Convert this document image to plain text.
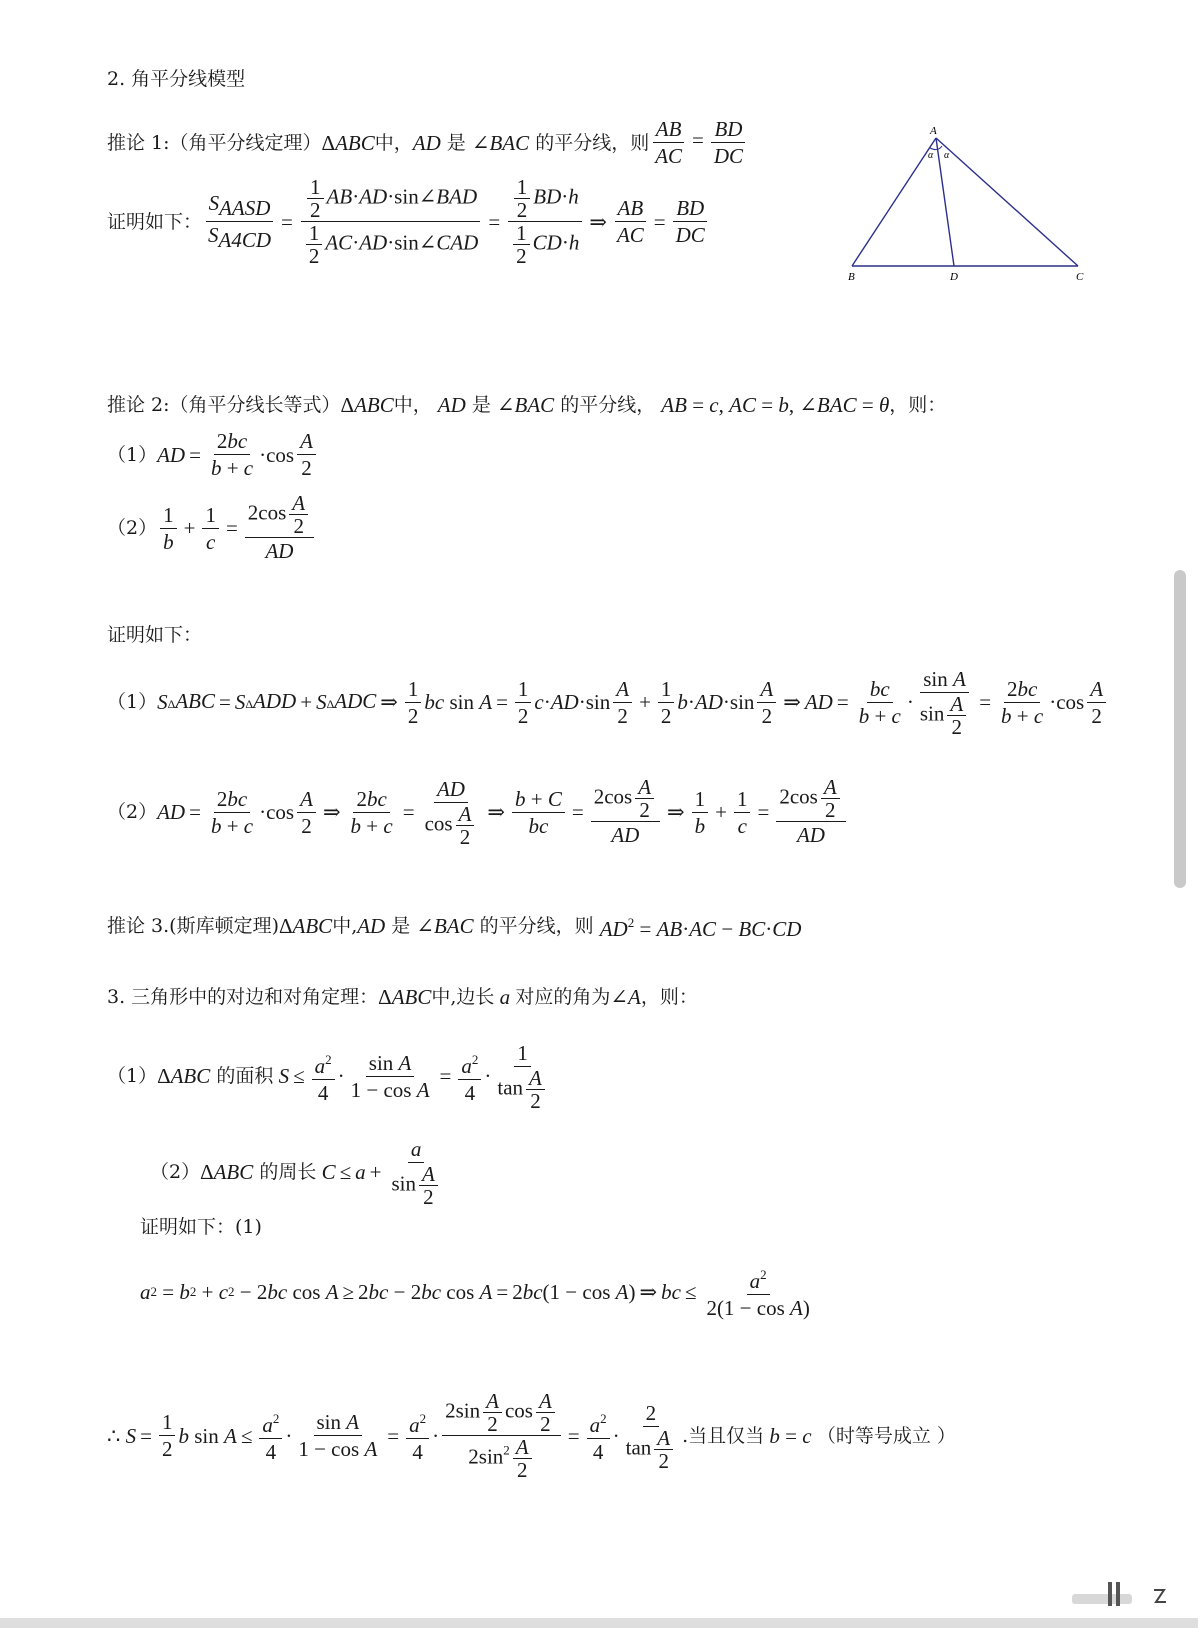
2. 角平分线模型
推论 1: （角平分线定理） ΔABC 中， AD
是
∠BAC
的平分线，则 $\frac{AB}{AC} = \frac{BD}{DC}$
证明如下： $\frac{S_{AASD}}{S_{A4CD}} = \frac{\frac{1}{2} AB\cdot AD\cdot\sin\angle BAD}{\frac{1}{2} AC\cdot AD\cdot\sin\angle CAD} = \frac{\frac{1}{2} BD\cdot h}{\frac{1}{2} CD\cdot h}$ ⇒ $\frac{AB}{AC} = \frac{BD}{DC}$
A
B	D	C
α α
推论 2: （角平分线长等式） ΔABC 中，
AD
是
∠BAC
的平分线，
AB = c, AC = b, ∠BAC = θ ，则：
（1） AD = $\frac{2bc}{b + c} \cdot\cos \frac{A}{2}$
$(2) \frac{1}{b} + \frac{1}{c} = \frac{2\cos \frac{A}{2}}{AD}$
证明如下：
（1） S ΔABC = S ΔADD + S ΔADC ⇒ $\frac{1}{2}$ bc $\sin A = \frac{1}{2}$ c · AD $\cdot\sin \frac{A}{2} + \frac{1}{2}$ b · AD $\cdot\sin \frac{A}{2}$ ⇒ AD = $\frac{bc}{b + c} \cdot \frac{\text{sin A}}{\sin \frac{A}{2}} = \frac{2bc}{b + c} \cdot\cos \frac{A}{2}$
（2） AD = $\frac{2bc}{b + c} \cdot\cos \frac{A}{2}$ ⇒ $\frac{2bc}{b + c} = \frac{AD}{\cos \frac{A}{2}}$ ⇒ $\frac{b + C}{bc} = \frac{2\cos \frac{A}{2}}{AD}$ ⇒ $\frac{1}{b} + \frac{1}{c} = \frac{2\cos \frac{A}{2}}{AD}$
推论 3. (斯库顿定理) ΔABC 中, AD
是
∠BAC
的平分线，则
$AD^2 = AB\cdot AC - BC\cdot CD$
3. 三角形中的对边和对角定理： ΔABC 中,边长 a 对应的角为 ∠A ，则：
（1） ΔABC
的面积
$S \le \frac{a^2}{4} \cdot \frac{\text{sin A}}{\text{1 − cos A}} = \frac{a^2}{4} \cdot \frac{1}{\tan \frac{A}{2}}$
（2） ΔABC
的周长
$C \le a + \frac{a}{\sin \frac{A}{2}}$
证明如下：(1)
a 2 = b 2 + c 2 − 2 bc cos A ≥ 2 bc − 2 bc cos A = 2 bc (1 − cos A ) ⇒ bc ≤ $\frac{a^2}{\text{2(1 − cos A)}}$
∴ $S = \frac{1}{2}$ b $\sin A \le \frac{a^2}{4} \cdot \frac{\text{sin A}}{\text{1 − cos A}} = \frac{a^2}{4} \cdot \frac{2\sin \frac{A}{2} \cos \frac{A}{2}}{2\sin^2 \frac{A}{2}} = \frac{a^2}{4} \cdot \frac{2}{\tan \frac{A}{2}}$ .当且仅当 b = c （时等号成立 ）
